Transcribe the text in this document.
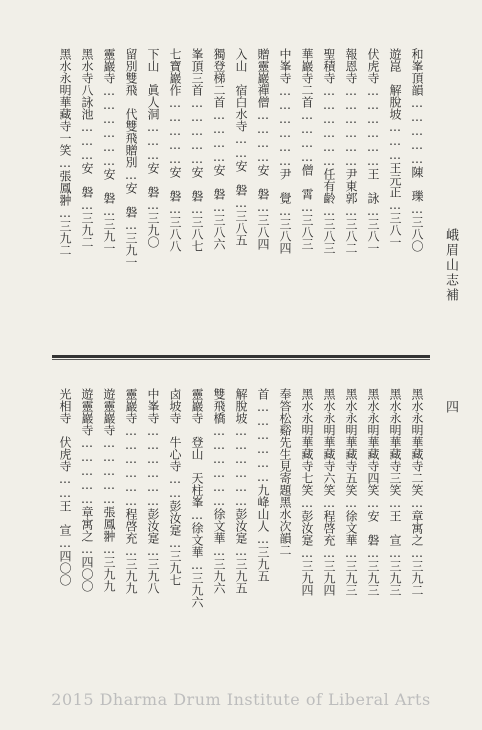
峨眉山志補
四
和峯頂韻……………陳　瓅…三八〇
遊崑　解脫坡………王元正…三八一
伏虎寺………………王　詠…三八一
報恩寺………………尹東郭…三八二
聖積寺………………任有齡…三八三
華巖寺二首…………僧　霄…三八三
中峯寺………………尹　覺…三八四
贈靈巖禪僧…………安　磐…三八四
入山　宿白水寺……安　磐…三八五
獨登梯二首…………安　磐…三八六
峯頂三首……………安　磐…三八七
七寶巖作……………安　磐…三八八
下山　眞人洞………安　磐…三九〇
留別雙飛　代雙飛贈別…安　磐…三九一
靈巖寺………………安　磐…三九一
黑水寺八詠池………安　磐…三九二
黑水永明華藏寺一笑…張鳳翀…三九二
黑水永明華藏寺二笑…章寓之…三九二
黑水永明華藏寺三笑…王　宣…三九三
黑水永明華藏寺四笑…安　磐…三九三
黑水永明華藏寺五笑…徐文華…三九三
黑水永明華藏寺六笑…程啓充…三九四
黑水永明華藏寺七笑…彭汝寔…三九四
奉答松谿先生見寄題黑水次韻二
首………………九𡶶山人…三九五
解脫坡………………彭汝寔…三九五
雙飛橋………………徐文華…三九六
靈巖寺　登山　天柱峯…徐文華…三九六
卤坡寺　牛心寺……彭汝寔…三九七
中峯寺………………彭汝寔…三九八
靈巖寺………………程啓充…三九九
遊靈巖寺……………張鳳翀…三九九
遊靈巖寺……………章寓之…四〇〇
光相寺　伏虎寺……王　宣…四〇〇
2015 Dharma Drum Institute of Liberal Arts
